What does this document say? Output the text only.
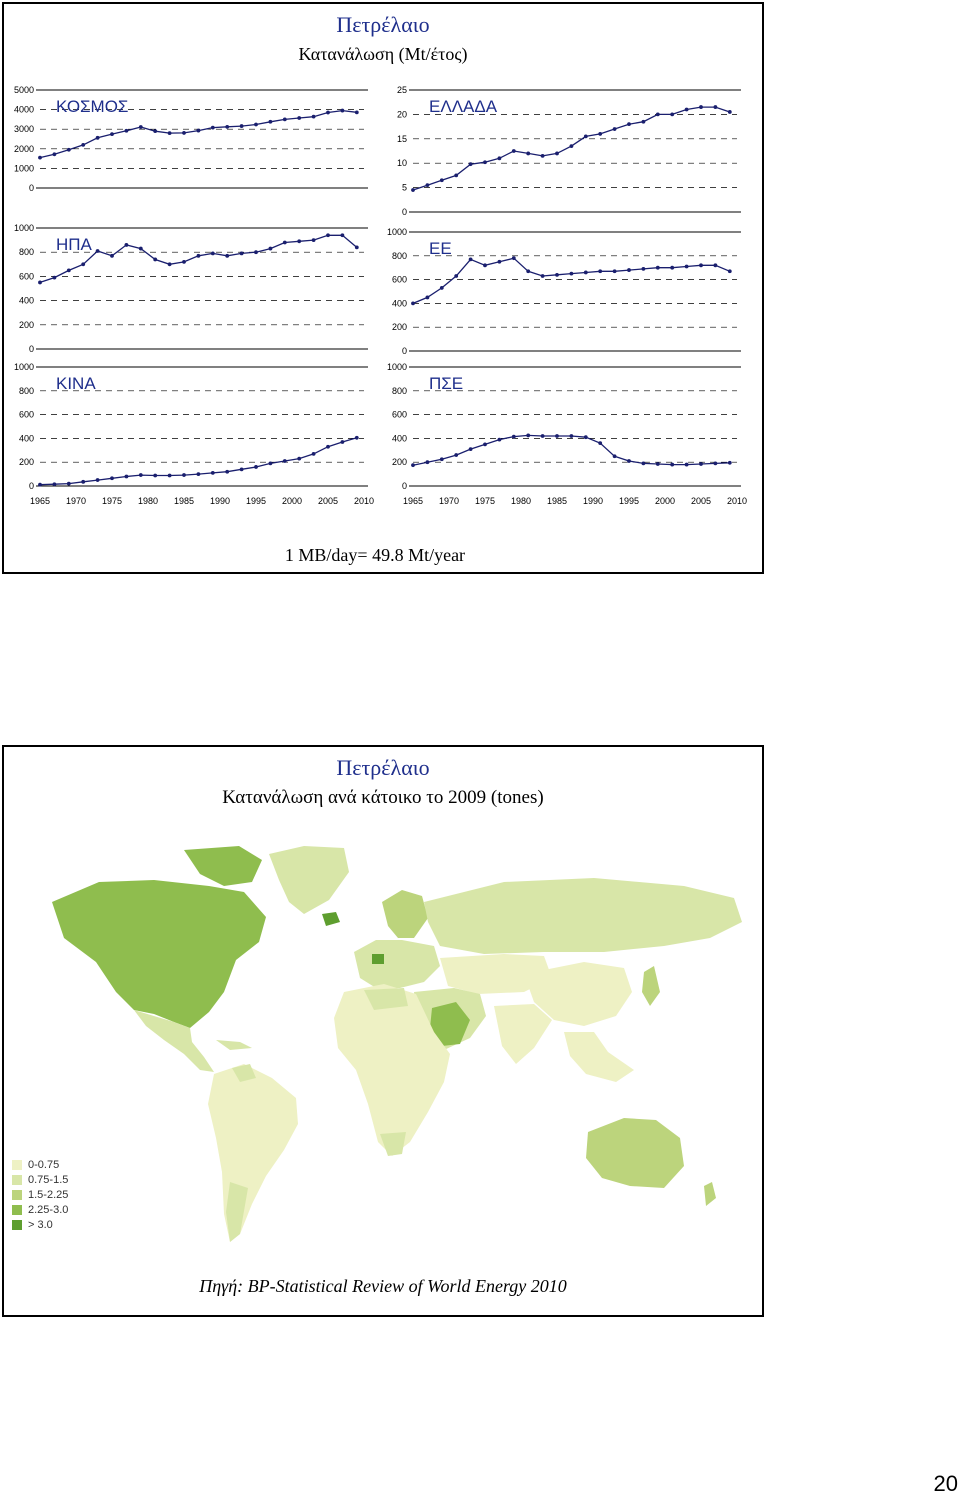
Πετρέλαιο
Κατανάλωση (Mt/έτος)
5000
4000
3000
2000
1000
0
ΚΟΣΜΟΣ
1000
800
600
400
200
0
ΗΠΑ
1000
800
600
400
200
0
1965 1970 1975 1980 1985 1990 1995 2000 2005 2010
ΚΙΝΑ
25
20
15
10
5
0
ΕΛΛΑΔΑ
1000
800
600
400
200
0
ΕΕ
1000
800
600
400
200
0
1965 1970 1975 1980 1985 1990 1995 2000 2005 2010
ΠΣΕ
1 MB/day= 49.8 Mt/year
Πετρέλαιο
Κατανάλωση ανά κάτοικο το 2009 (tones)
0-0.75
0.75-1.5
1.5-2.25
2.25-3.0
> 3.0
Πηγή: BP-Statistical Review of World Energy 2010
20
